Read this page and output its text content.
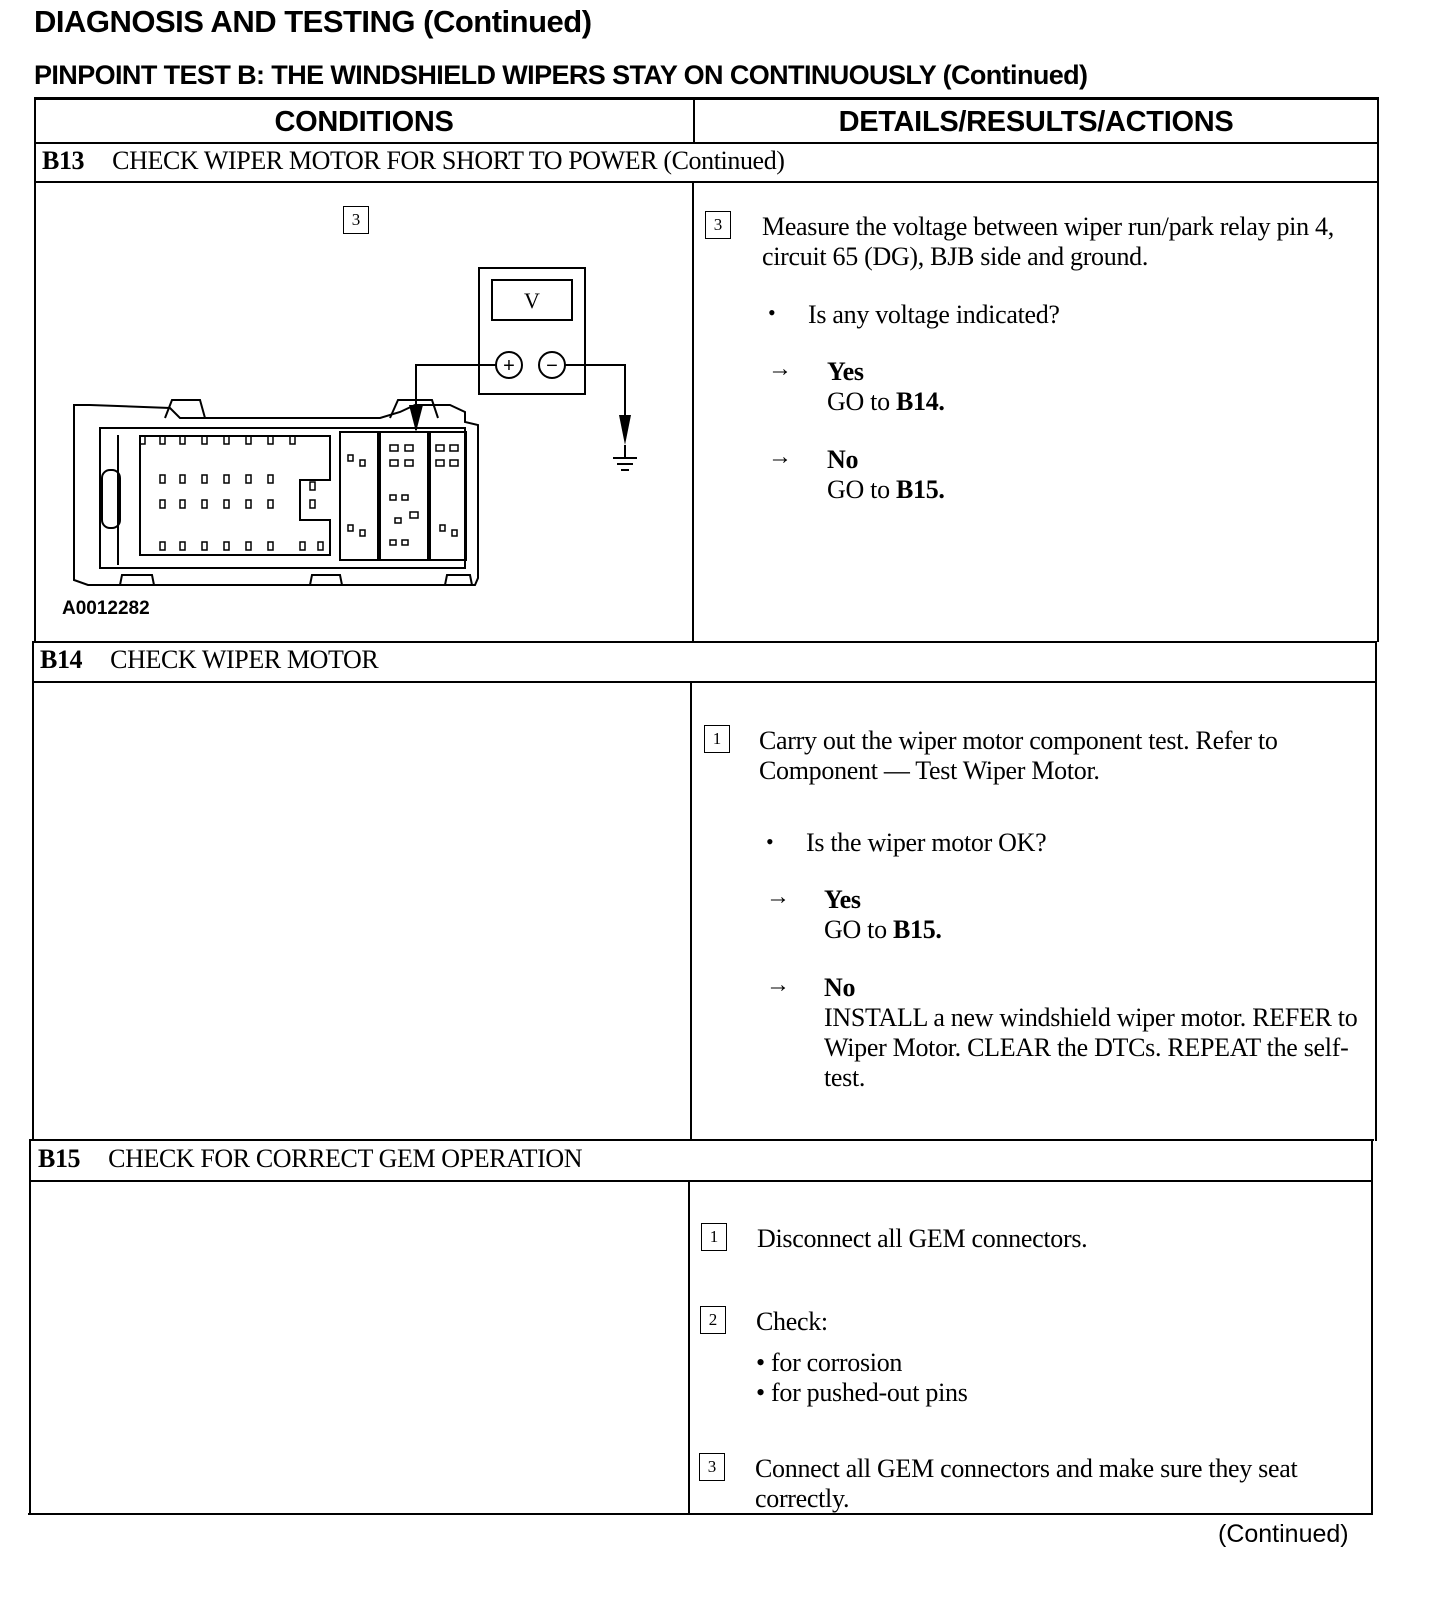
DIAGNOSIS AND TESTING (Continued)
PINPOINT TEST B: THE WINDSHIELD WIPERS STAY ON CONTINUOUSLY (Continued)
CONDITIONS	DETAILS/RESULTS/ACTIONS
B13 CHECK WIPER MOTOR FOR SHORT TO POWER (Continued)
3
V
+ −
A0012282
3	Measure the voltage between wiper run/park relay pin 4, circuit 65 (DG), BJB side and ground.
• Is any voltage indicated?
→ Yes
GO to B14.
→ No
GO to B15.
B14 CHECK WIPER MOTOR
1	Carry out the wiper motor component test. Refer to Component — Test Wiper Motor.
• Is the wiper motor OK?
→ Yes
GO to B15.
→ No
INSTALL a new windshield wiper motor. REFER to Wiper Motor. CLEAR the DTCs. REPEAT the self-test.
B15 CHECK FOR CORRECT GEM OPERATION
1	Disconnect all GEM connectors.
2	Check:
• for corrosion
• for pushed-out pins
3	Connect all GEM connectors and make sure they seat correctly.
(Continued)
